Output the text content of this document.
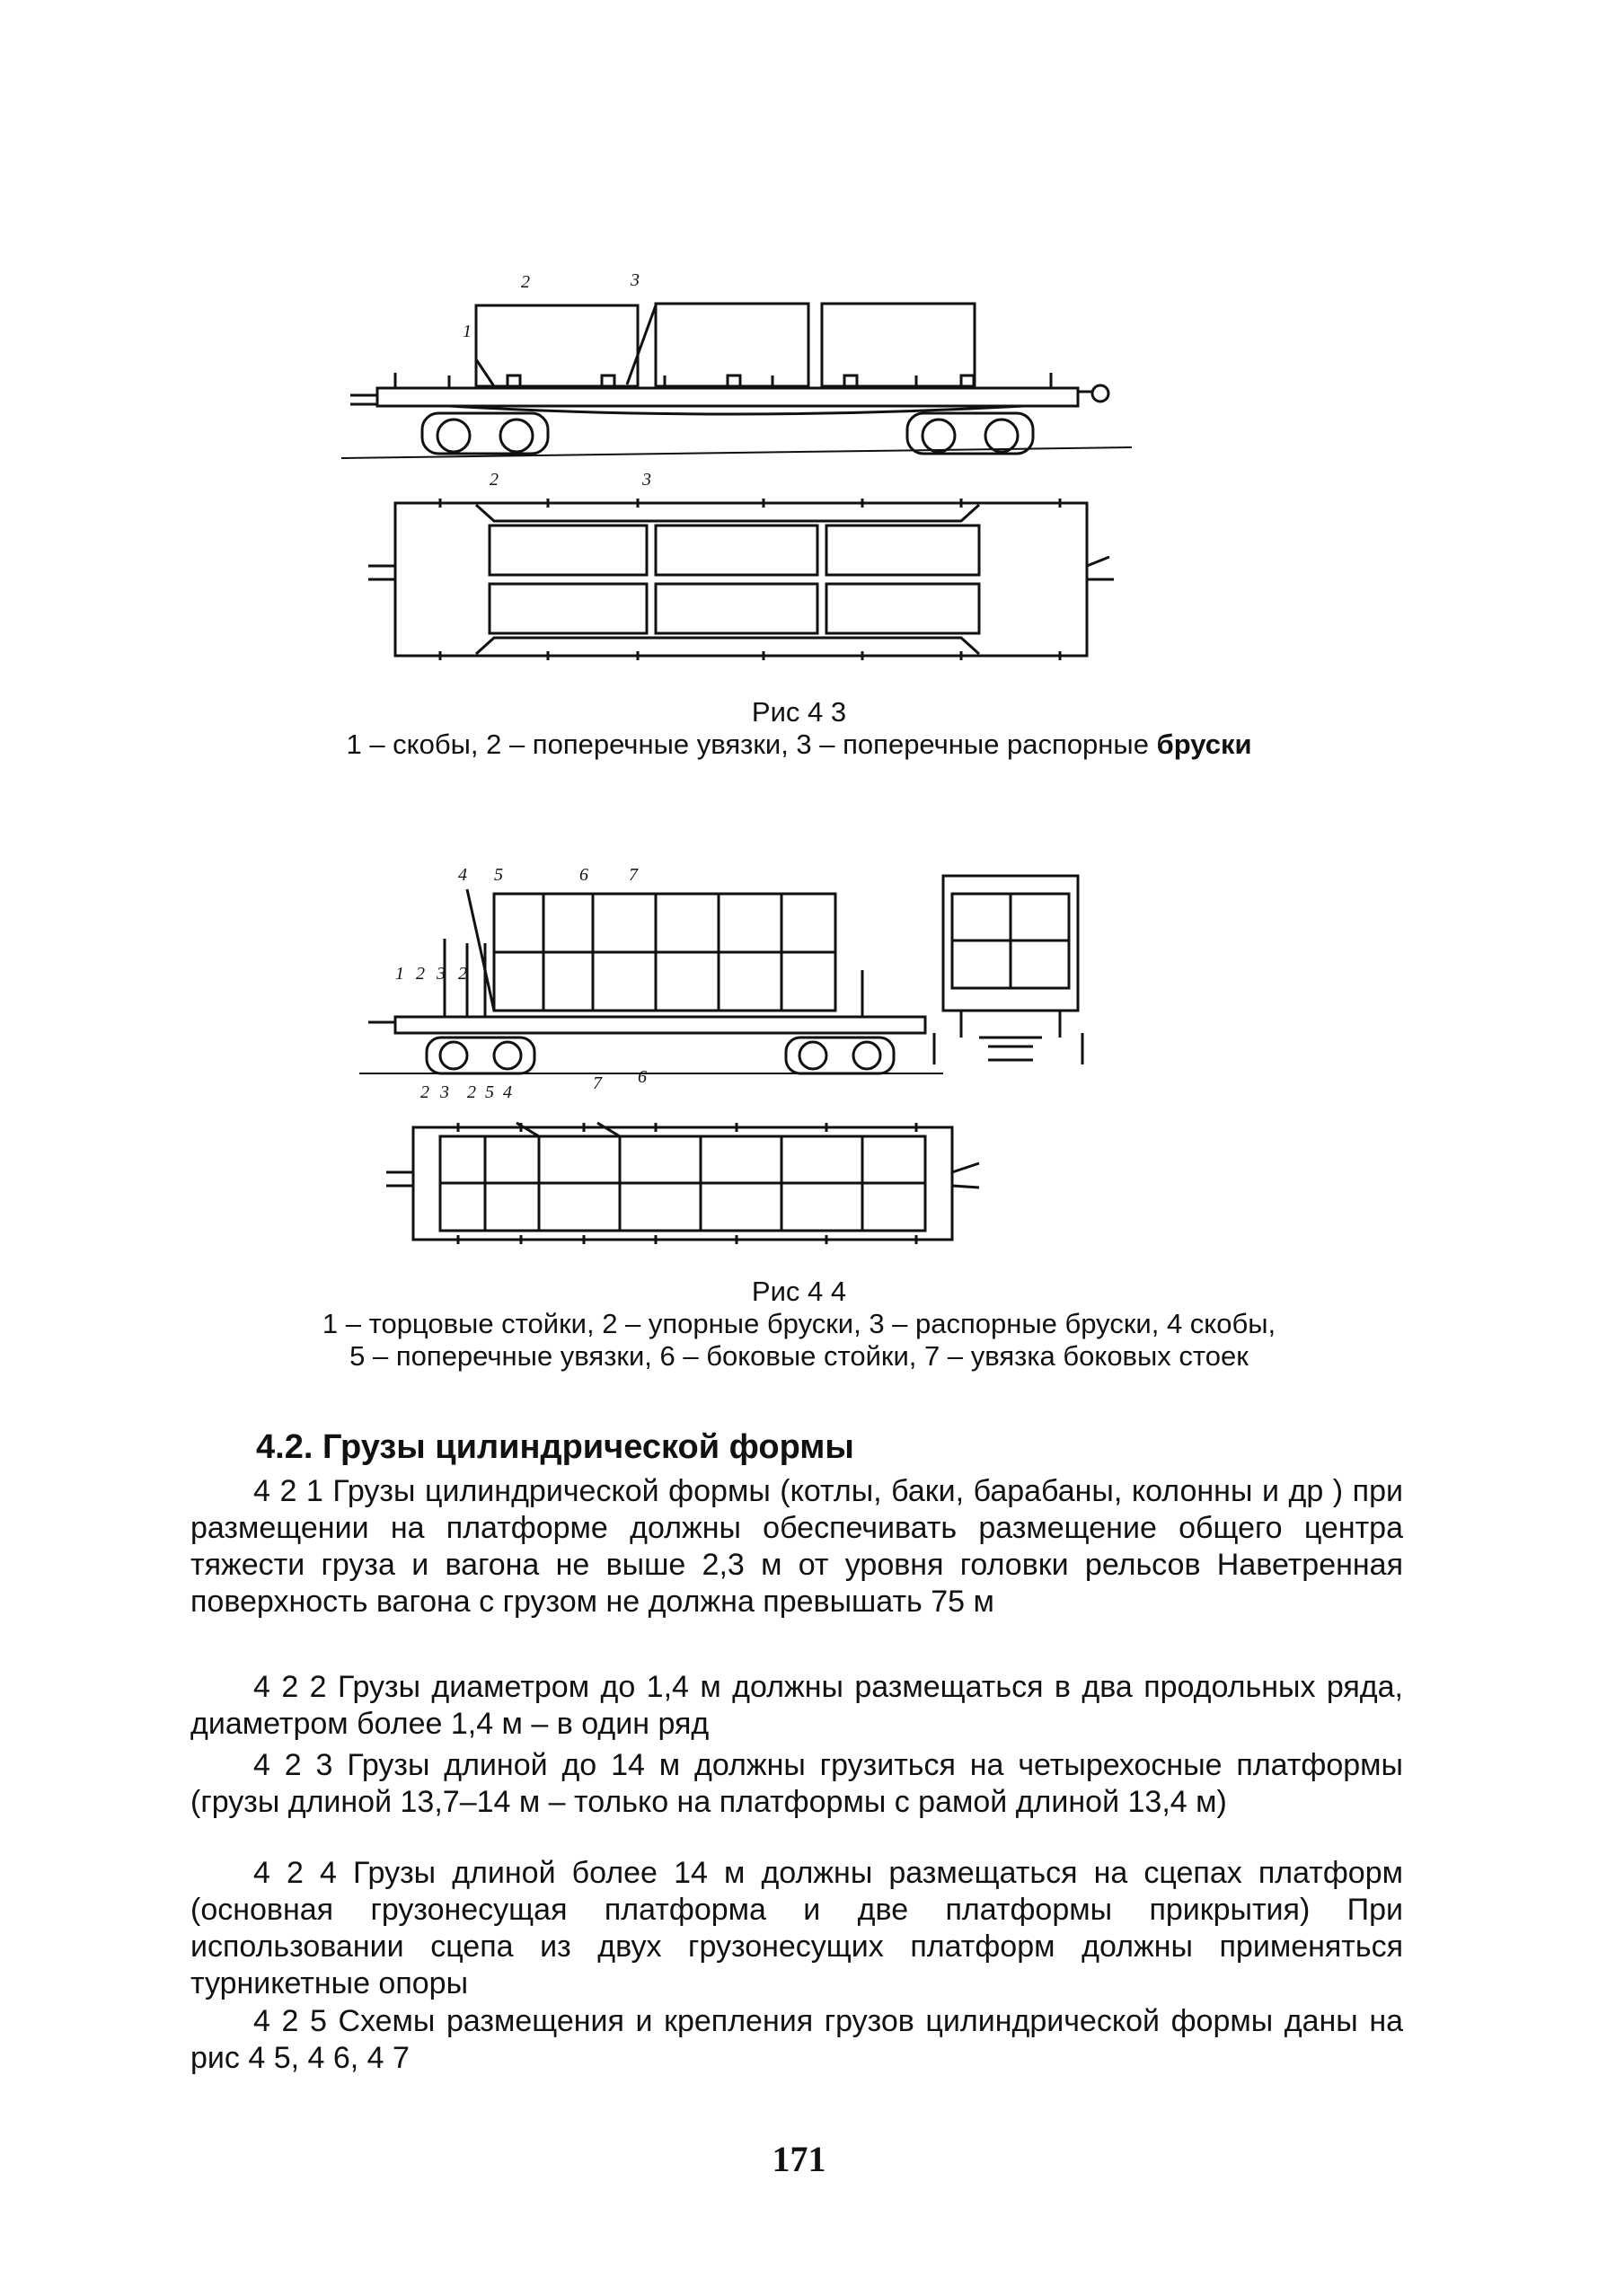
2	3
1
2	3
Рис 4 3
1 – скобы, 2 – поперечные увязки, 3 – поперечные распорные бруски
4 5	6 7
1 2 3 2
2 3 2 5 4	7 6
Рис 4 4
1 – торцовые стойки, 2 – упорные бруски, 3 – распорные бруски, 4 скобы,
5 – поперечные увязки, 6 – боковые стойки, 7 – увязка боковых стоек
4.2. Грузы цилиндрической формы
4 2 1 Грузы цилиндрической формы (котлы, баки, барабаны, колонны и др ) при размещении на платформе должны обеспечивать размещение общего центра тяжести груза и вагона не выше 2,3 м от уровня головки рельсов Наветренная поверхность вагона с грузом не должна превышать 75 м
4 2 2 Грузы диаметром до 1,4 м должны размещаться в два продольных ряда, диаметром более 1,4 м – в один ряд
4 2 3 Грузы длиной до 14 м должны грузиться на четырехосные платформы (грузы длиной 13,7–14 м – только на платформы с рамой длиной 13,4 м)
4 2 4 Грузы длиной более 14 м должны размещаться на сцепах платформ (основная грузонесущая платформа и две платформы прикрытия) При использовании сцепа из двух грузонесущих платформ должны применяться турникетные опоры
4 2 5 Схемы размещения и крепления грузов цилиндрической формы даны на рис 4 5, 4 6, 4 7
171
